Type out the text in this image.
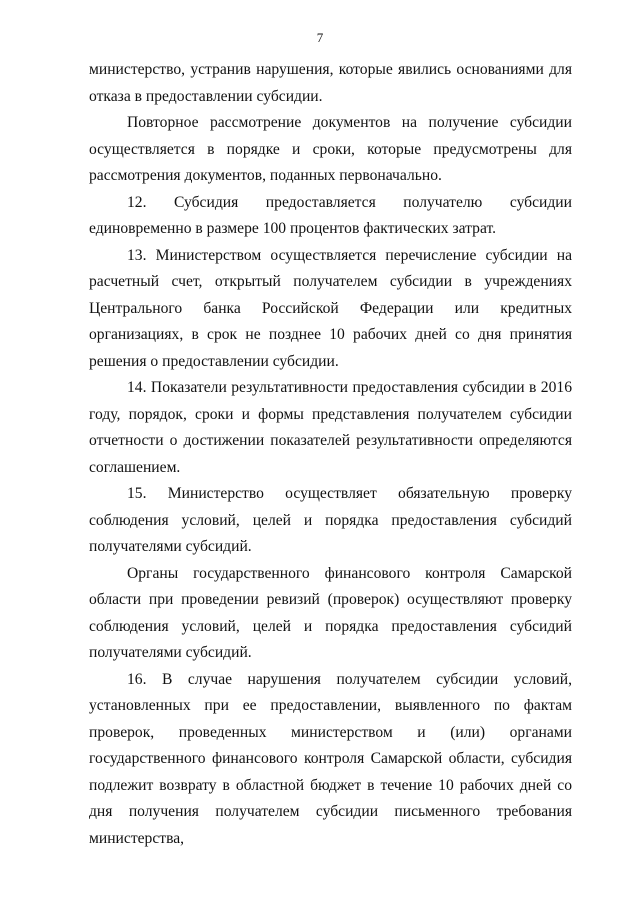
7

министерство, устранив нарушения, которые явились основаниями для отказа в предоставлении субсидии.

Повторное рассмотрение документов на получение субсидии осуществляется в порядке и сроки, которые предусмотрены для рассмотрения документов, поданных первоначально.

12. Субсидия предоставляется получателю субсидии единовременно в размере 100 процентов фактических затрат.

13. Министерством осуществляется перечисление субсидии на расчетный счет, открытый получателем субсидии в учреждениях Центрального банка Российской Федерации или кредитных организациях, в срок не позднее 10 рабочих дней со дня принятия решения о предоставлении субсидии.

14. Показатели результативности предоставления субсидии в 2016 году, порядок, сроки и формы представления получателем субсидии отчетности о достижении показателей результативности определяются соглашением.

15. Министерство осуществляет обязательную проверку соблюдения условий, целей и порядка предоставления субсидий получателями субсидий.

Органы государственного финансового контроля Самарской области при проведении ревизий (проверок) осуществляют проверку соблюдения условий, целей и порядка предоставления субсидий получателями субсидий.

16. В случае нарушения получателем субсидии условий, установленных при ее предоставлении, выявленного по фактам проверок, проведенных министерством и (или) органами государственного финансового контроля Самарской области, субсидия подлежит возврату в областной бюджет в течение 10 рабочих дней со дня получения получателем субсидии письменного требования министерства,
